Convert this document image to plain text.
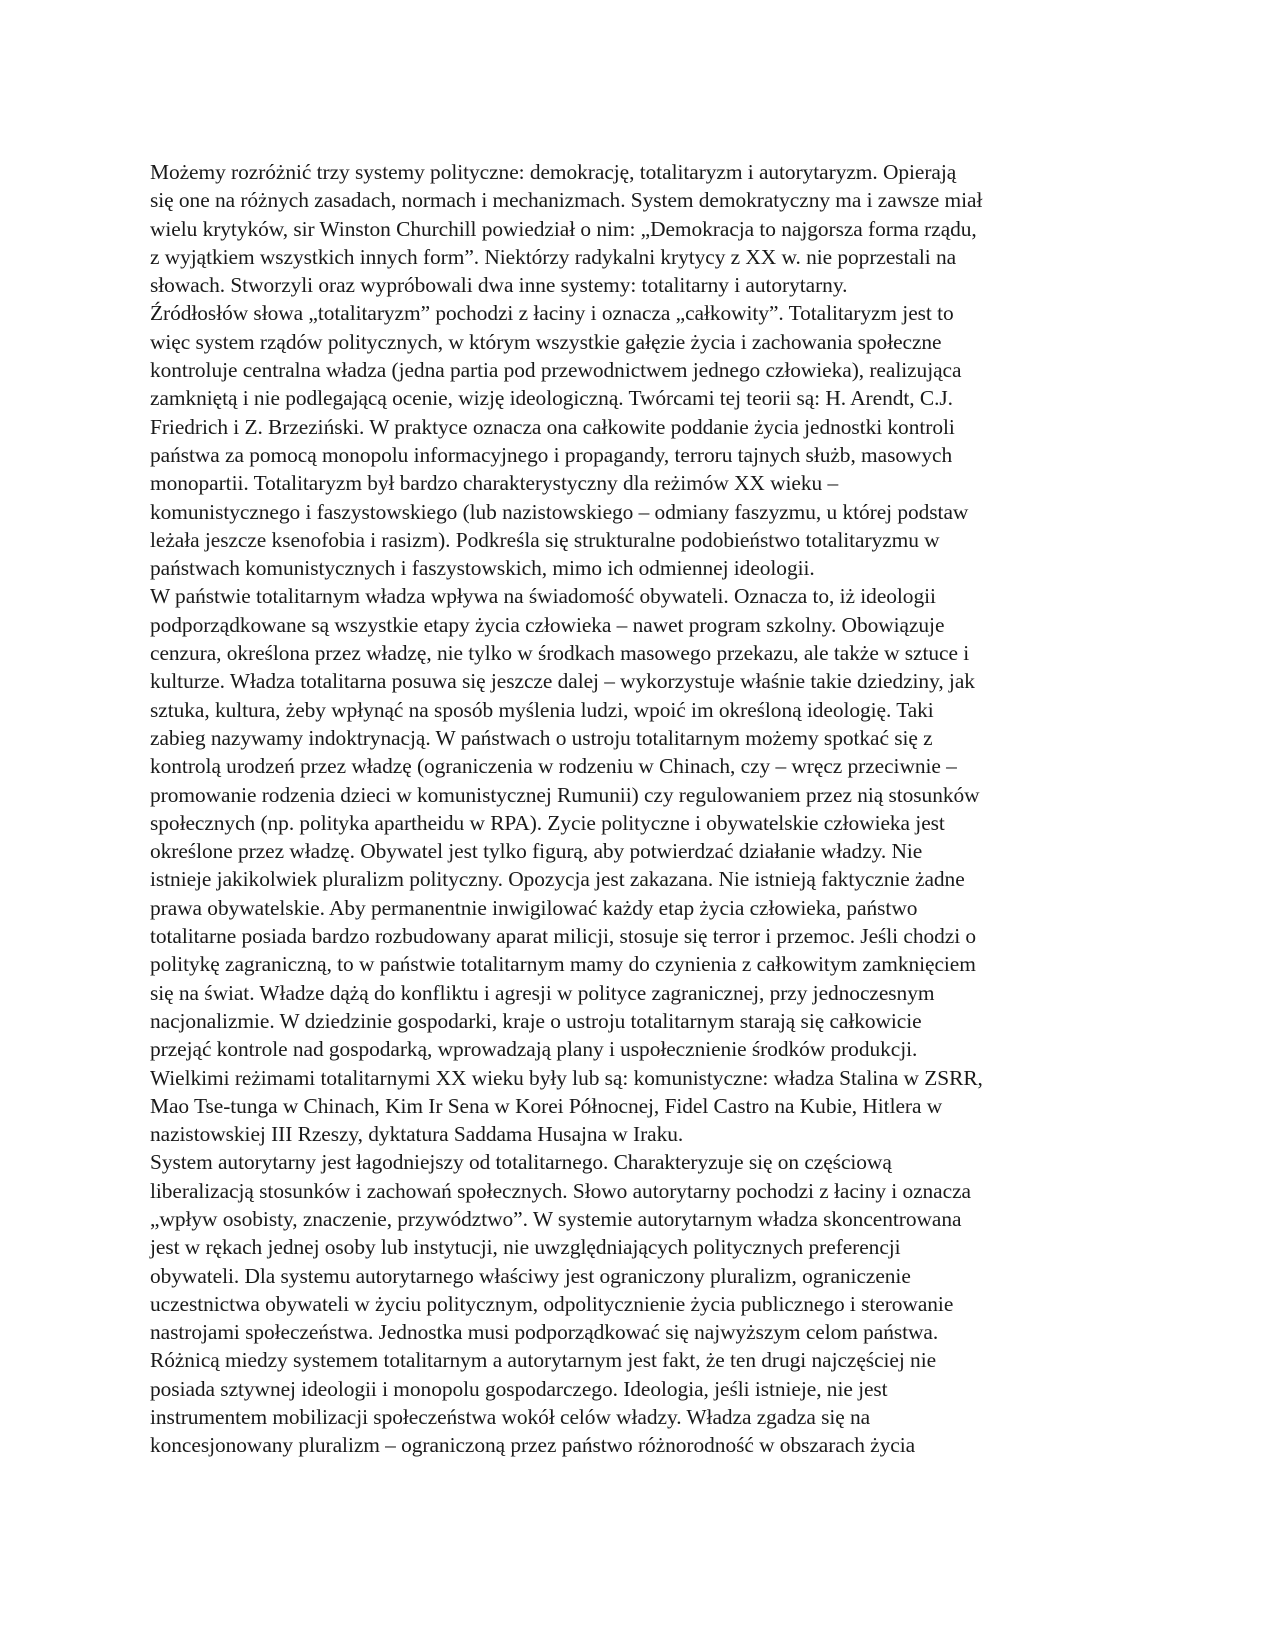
Możemy rozróżnić trzy systemy polityczne: demokrację, totalitaryzm i autorytaryzm. Opierają
się one na różnych zasadach, normach i mechanizmach. System demokratyczny ma i zawsze miał
wielu krytyków, sir Winston Churchill powiedział o nim: „Demokracja to najgorsza forma rządu,
z wyjątkiem wszystkich innych form”. Niektórzy radykalni krytycy z XX w. nie poprzestali na
słowach. Stworzyli oraz wypróbowali dwa inne systemy: totalitarny i autorytarny.
Źródłosłów słowa „totalitaryzm” pochodzi z łaciny i oznacza „całkowity”. Totalitaryzm jest to
więc system rządów politycznych, w którym wszystkie gałęzie życia i zachowania społeczne
kontroluje centralna władza (jedna partia pod przewodnictwem jednego człowieka), realizująca
zamkniętą i nie podlegającą ocenie, wizję ideologiczną. Twórcami tej teorii są: H. Arendt, C.J.
Friedrich i Z. Brzeziński. W praktyce oznacza ona całkowite poddanie życia jednostki kontroli
państwa za pomocą monopolu informacyjnego i propagandy, terroru tajnych służb, masowych
monopartii. Totalitaryzm był bardzo charakterystyczny dla reżimów XX wieku –
komunistycznego i faszystowskiego (lub nazistowskiego – odmiany faszyzmu, u której podstaw
leżała jeszcze ksenofobia i rasizm). Podkreśla się strukturalne podobieństwo totalitaryzmu w
państwach komunistycznych i faszystowskich, mimo ich odmiennej ideologii.
W państwie totalitarnym władza wpływa na świadomość obywateli. Oznacza to, iż ideologii
podporządkowane są wszystkie etapy życia człowieka – nawet program szkolny. Obowiązuje
cenzura, określona przez władzę, nie tylko w środkach masowego przekazu, ale także w sztuce i
kulturze. Władza totalitarna posuwa się jeszcze dalej – wykorzystuje właśnie takie dziedziny, jak
sztuka, kultura, żeby wpłynąć na sposób myślenia ludzi, wpoić im określoną ideologię. Taki
zabieg nazywamy indoktrynacją. W państwach o ustroju totalitarnym możemy spotkać się z
kontrolą urodzeń przez władzę (ograniczenia w rodzeniu w Chinach, czy – wręcz przeciwnie –
promowanie rodzenia dzieci w komunistycznej Rumunii) czy regulowaniem przez nią stosunków
społecznych (np. polityka apartheidu w RPA). Zycie polityczne i obywatelskie człowieka jest
określone przez władzę. Obywatel jest tylko figurą, aby potwierdzać działanie władzy. Nie
istnieje jakikolwiek pluralizm polityczny. Opozycja jest zakazana. Nie istnieją faktycznie żadne
prawa obywatelskie. Aby permanentnie inwigilować każdy etap życia człowieka, państwo
totalitarne posiada bardzo rozbudowany aparat milicji, stosuje się terror i przemoc. Jeśli chodzi o
politykę zagraniczną, to w państwie totalitarnym mamy do czynienia z całkowitym zamknięciem
się na świat. Władze dążą do konfliktu i agresji w polityce zagranicznej, przy jednoczesnym
nacjonalizmie. W dziedzinie gospodarki, kraje o ustroju totalitarnym starają się całkowicie
przejąć kontrole nad gospodarką, wprowadzają plany i uspołecznienie środków produkcji.
Wielkimi reżimami totalitarnymi XX wieku były lub są: komunistyczne: władza Stalina w ZSRR,
Mao Tse-tunga w Chinach, Kim Ir Sena w Korei Północnej, Fidel Castro na Kubie, Hitlera w
nazistowskiej III Rzeszy, dyktatura Saddama Husajna w Iraku.
System autorytarny jest łagodniejszy od totalitarnego. Charakteryzuje się on częściową
liberalizacją stosunków i zachowań społecznych. Słowo autorytarny pochodzi z łaciny i oznacza
„wpływ osobisty, znaczenie, przywództwo”. W systemie autorytarnym władza skoncentrowana
jest w rękach jednej osoby lub instytucji, nie uwzględniających politycznych preferencji
obywateli. Dla systemu autorytarnego właściwy jest ograniczony pluralizm, ograniczenie
uczestnictwa obywateli w życiu politycznym, odpolitycznienie życia publicznego i sterowanie
nastrojami społeczeństwa. Jednostka musi podporządkować się najwyższym celom państwa.
Różnicą miedzy systemem totalitarnym a autorytarnym jest fakt, że ten drugi najczęściej nie
posiada sztywnej ideologii i monopolu gospodarczego. Ideologia, jeśli istnieje, nie jest
instrumentem mobilizacji społeczeństwa wokół celów władzy. Władza zgadza się na
koncesjonowany pluralizm – ograniczoną przez państwo różnorodność w obszarach życia
